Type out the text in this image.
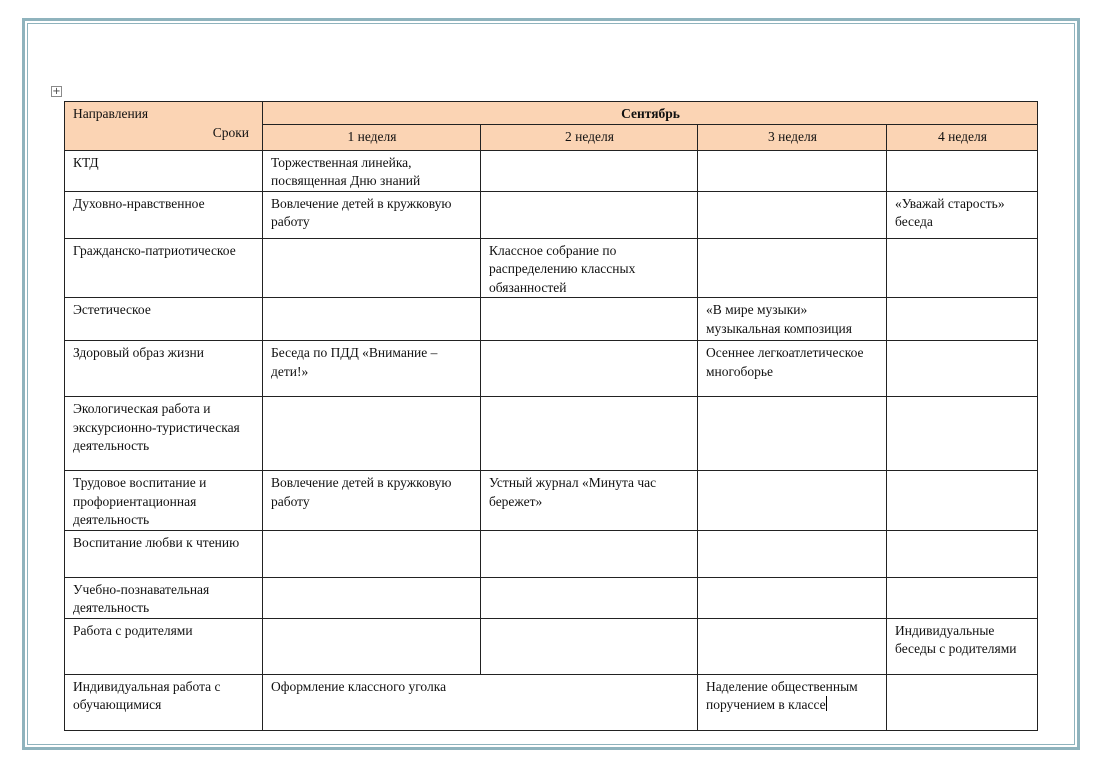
+
Направления
Сроки	Сентябрь			
	1 неделя	2 неделя	3 неделя	4 неделя
КТД	Торжественная линейка, посвященная Дню знаний			
Духовно-нравственное	Вовлечение детей в кружковую работу			«Уважай старость» беседа
Гражданско-патриотическое		Классное собрание по распределению классных обязанностей		
Эстетическое			«В мире музыки» музыкальная композиция	
Здоровый образ жизни	Беседа по ПДД «Внимание – дети!»		Осеннее легкоатлетическое многоборье	
Экологическая работа и экскурсионно-туристическая деятельность				
Трудовое воспитание и профориентационная деятельность	Вовлечение детей в кружковую работу	Устный журнал «Минута час бережет»		
Воспитание любви к чтению				
Учебно-познавательная деятельность				
Работа с родителями				Индивидуальные беседы с родителями
Индивидуальная работа с обучающимися	Оформление классного уголка		Наделение общественным поручением в классе	
